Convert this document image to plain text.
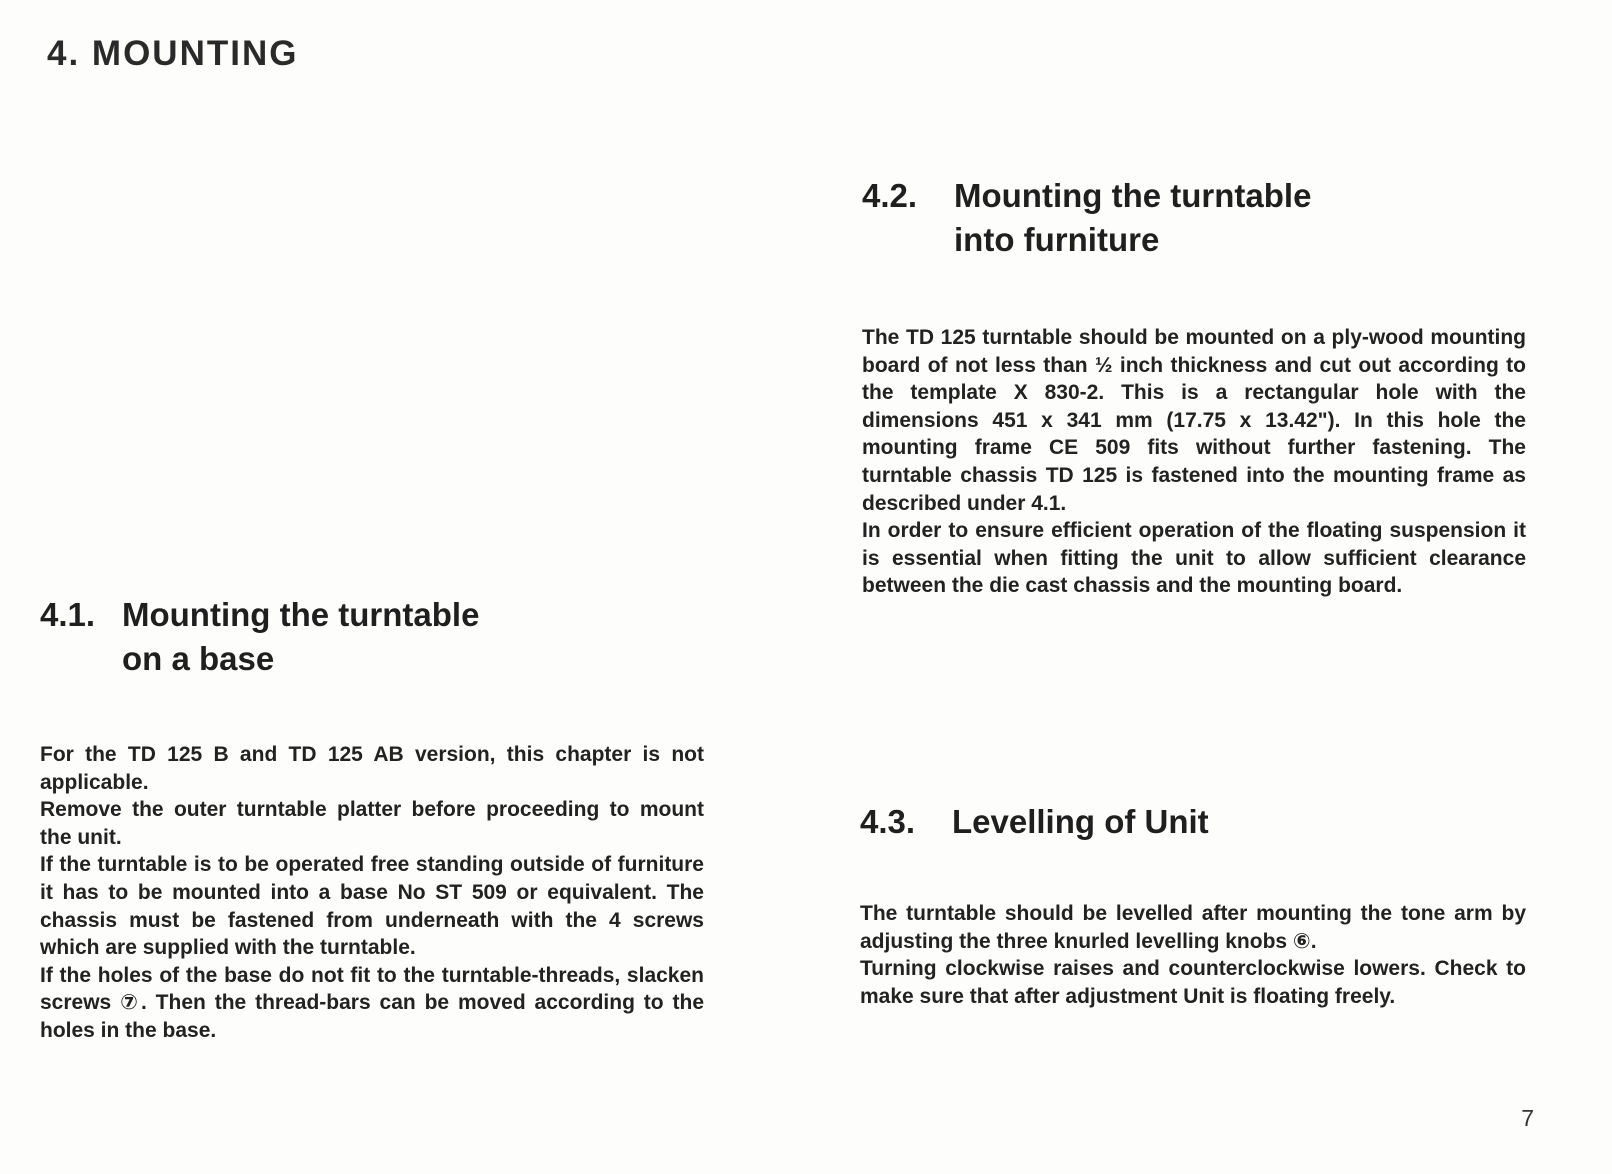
4. MOUNTING
4.1. Mounting the turntable
on a base

For the TD 125 B and TD 125 AB version, this chapter is not applicable.

Remove the outer turntable platter before proceeding to mount the unit.

If the turntable is to be operated free standing outside of furniture it has to be mounted into a base No ST 509 or equivalent. The chassis must be fastened from underneath with the 4 screws which are supplied with the turntable.

If the holes of the base do not fit to the turntable-threads, slacken screws ⑦. Then the thread-bars can be moved according to the holes in the base.

4.2.	Mounting the turntable
into furniture

The TD 125 turntable should be mounted on a ply-wood mounting board of not less than ½ inch thickness and cut out according to the template X 830-2. This is a rectangular hole with the dimensions 451 x 341 mm (17.75 x 13.42"). In this hole the mounting frame CE 509 fits without further fastening. The turntable chassis TD 125 is fastened into the mounting frame as described under 4.1.

In order to ensure efficient operation of the floating suspension it is essential when fitting the unit to allow sufficient clearance between the die cast chassis and the mounting board.

4.3.	Levelling of Unit

The turntable should be levelled after mounting the tone arm by adjusting the three knurled levelling knobs ⑥.

Turning clockwise raises and counterclockwise lowers. Check to make sure that after adjustment Unit is floating freely.

7
